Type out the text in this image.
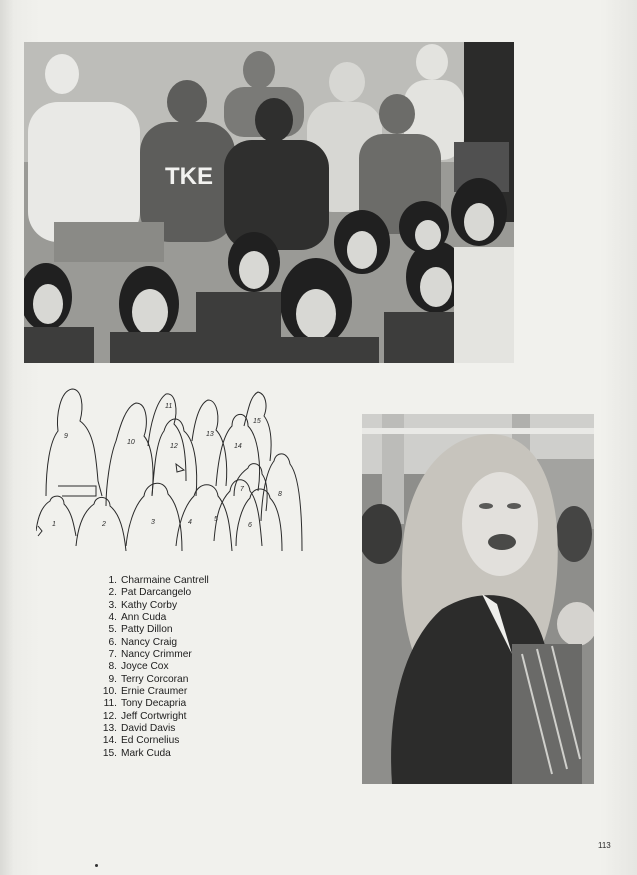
TKE
1	2	3	4	5
6
7
8
9
10
11
12
13
14
15
1. Charmaine Cantrell
2. Pat Darcangelo
3. Kathy Corby
4. Ann Cuda
5. Patty Dillon
6. Nancy Craig
7. Nancy Crimmer
8. Joyce Cox
9. Terry Corcoran
10. Ernie Craumer
11. Tony Decapria
12. Jeff Cortwright
13. David Davis
14. Ed Cornelius
15. Mark Cuda
113
